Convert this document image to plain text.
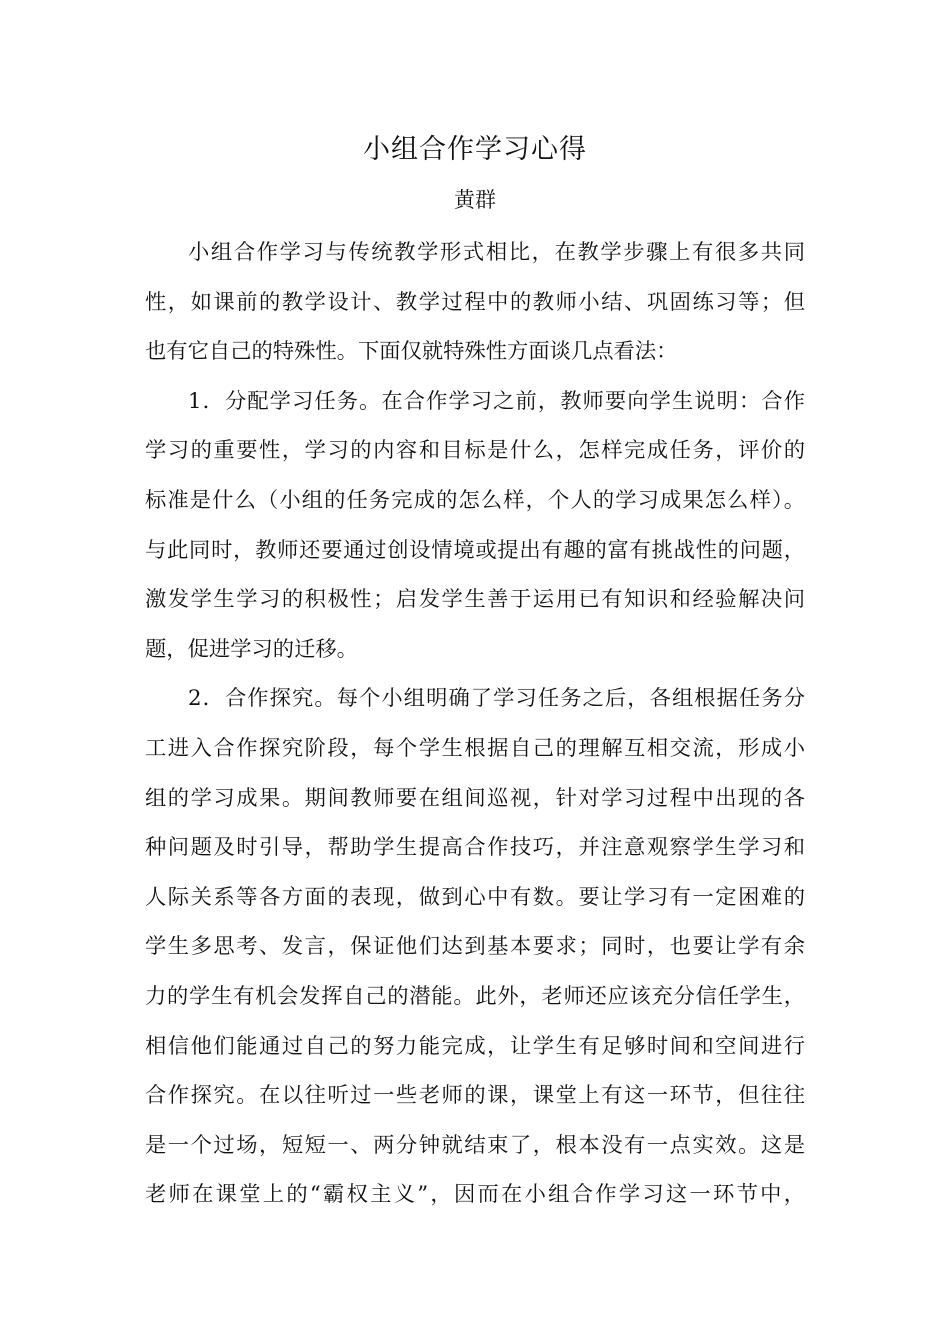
小组合作学习心得
黄群
小组合作学习与传统教学形式相比，在教学步骤上有很多共同
性，如课前的教学设计、教学过程中的教师小结、巩固练习等；但
也有它自己的特殊性。下面仅就特殊性方面谈几点看法：
1．分配学习任务。在合作学习之前，教师要向学生说明：合作
学习的重要性，学习的内容和目标是什么，怎样完成任务，评价的
标准是什么（小组的任务完成的怎么样，个人的学习成果怎么样）。
与此同时，教师还要通过创设情境或提出有趣的富有挑战性的问题，
激发学生学习的积极性；启发学生善于运用已有知识和经验解决问
题，促进学习的迁移。
2．合作探究。每个小组明确了学习任务之后，各组根据任务分
工进入合作探究阶段，每个学生根据自己的理解互相交流，形成小
组的学习成果。期间教师要在组间巡视，针对学习过程中出现的各
种问题及时引导，帮助学生提高合作技巧，并注意观察学生学习和
人际关系等各方面的表现，做到心中有数。要让学习有一定困难的
学生多思考、发言，保证他们达到基本要求；同时，也要让学有余
力的学生有机会发挥自己的潜能。此外，老师还应该充分信任学生，
相信他们能通过自己的努力能完成，让学生有足够时间和空间进行
合作探究。在以往听过一些老师的课，课堂上有这一环节，但往往
是一个过场，短短一、两分钟就结束了，根本没有一点实效。这是
老师在课堂上的“霸权主义”，因而在小组合作学习这一环节中，
